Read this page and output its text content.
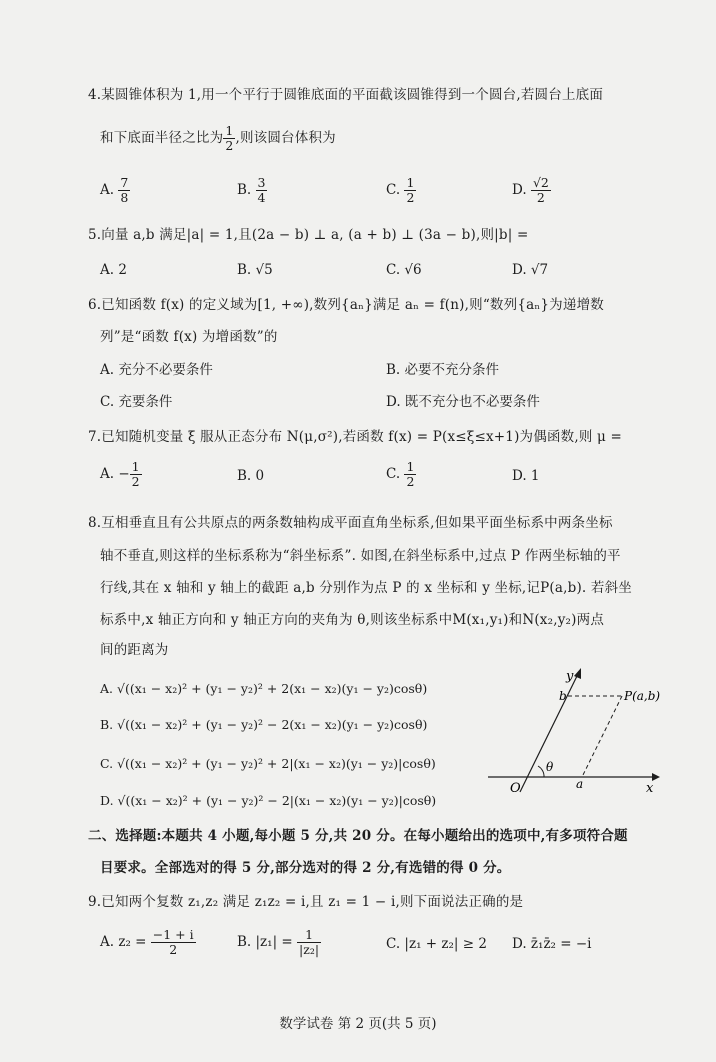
4.某圆锥体积为 1,用一个平行于圆锥底面的平面截该圆锥得到一个圆台,若圆台上底面
和下底面半径之比为 $\frac{1}{2}$ ,则该圆台体积为
A. $\frac{7}{8}$	B. $\frac{3}{4}$	C. $\frac{1}{2}$	D. $\frac{√2}{2}$
5.向量 a,b 满足|a| = 1,且(2a − b) ⊥ a, (a + b) ⊥ (3a − b),则|b| =
A. 2	B. √5	C. √6	D. √7
6.已知函数 f(x) 的定义域为[1, +∞),数列{aₙ}满足 aₙ = f(n),则“数列{aₙ}为递增数
列”是“函数 f(x) 为增函数”的
A. 充分不必要条件	B. 必要不充分条件
C. 充要条件	D. 既不充分也不必要条件
7.已知随机变量 ξ 服从正态分布 N(μ,σ²),若函数 f(x) = P(x≤ξ≤x+1)为偶函数,则 μ =
A. − $\frac{1}{2}$	B. 0	C. $\frac{1}{2}$	D. 1
8.互相垂直且有公共原点的两条数轴构成平面直角坐标系,但如果平面坐标系中两条坐标
轴不垂直,则这样的坐标系称为“斜坐标系”. 如图,在斜坐标系中,过点 P 作两坐标轴的平
行线,其在 x 轴和 y 轴上的截距 a,b 分别作为点 P 的 x 坐标和 y 坐标,记P(a,b). 若斜坐
标系中,x 轴正方向和 y 轴正方向的夹角为 θ,则该坐标系中M(x₁,y₁)和N(x₂,y₂)两点
间的距离为
A. √((x₁ − x₂)² + (y₁ − y₂)² + 2(x₁ − x₂)(y₁ − y₂)cosθ)
B. √((x₁ − x₂)² + (y₁ − y₂)² − 2(x₁ − x₂)(y₁ − y₂)cosθ)
C. √((x₁ − x₂)² + (y₁ − y₂)² + 2|(x₁ − x₂)(y₁ − y₂)|cosθ)
D. √((x₁ − x₂)² + (y₁ − y₂)² − 2|(x₁ − x₂)(y₁ − y₂)|cosθ)
y
x
O	a
b	P(a,b)
θ
二、选择题:本题共 4 小题,每小题 5 分,共 20 分。在每小题给出的选项中,有多项符合题
目要求。全部选对的得 5 分,部分选对的得 2 分,有选错的得 0 分。
9.已知两个复数 z₁,z₂ 满足 z₁z₂ = i,且 z₁ = 1 − i,则下面说法正确的是
A. $z_2 = \frac{-1 + i}{2}$	B. $|z_1| = \frac{1}{\text{|z₂|}}$	C. |z₁ + z₂| ≥ 2 D. z̄₁z̄₂ = −i
数学试卷 第 2 页(共 5 页)
